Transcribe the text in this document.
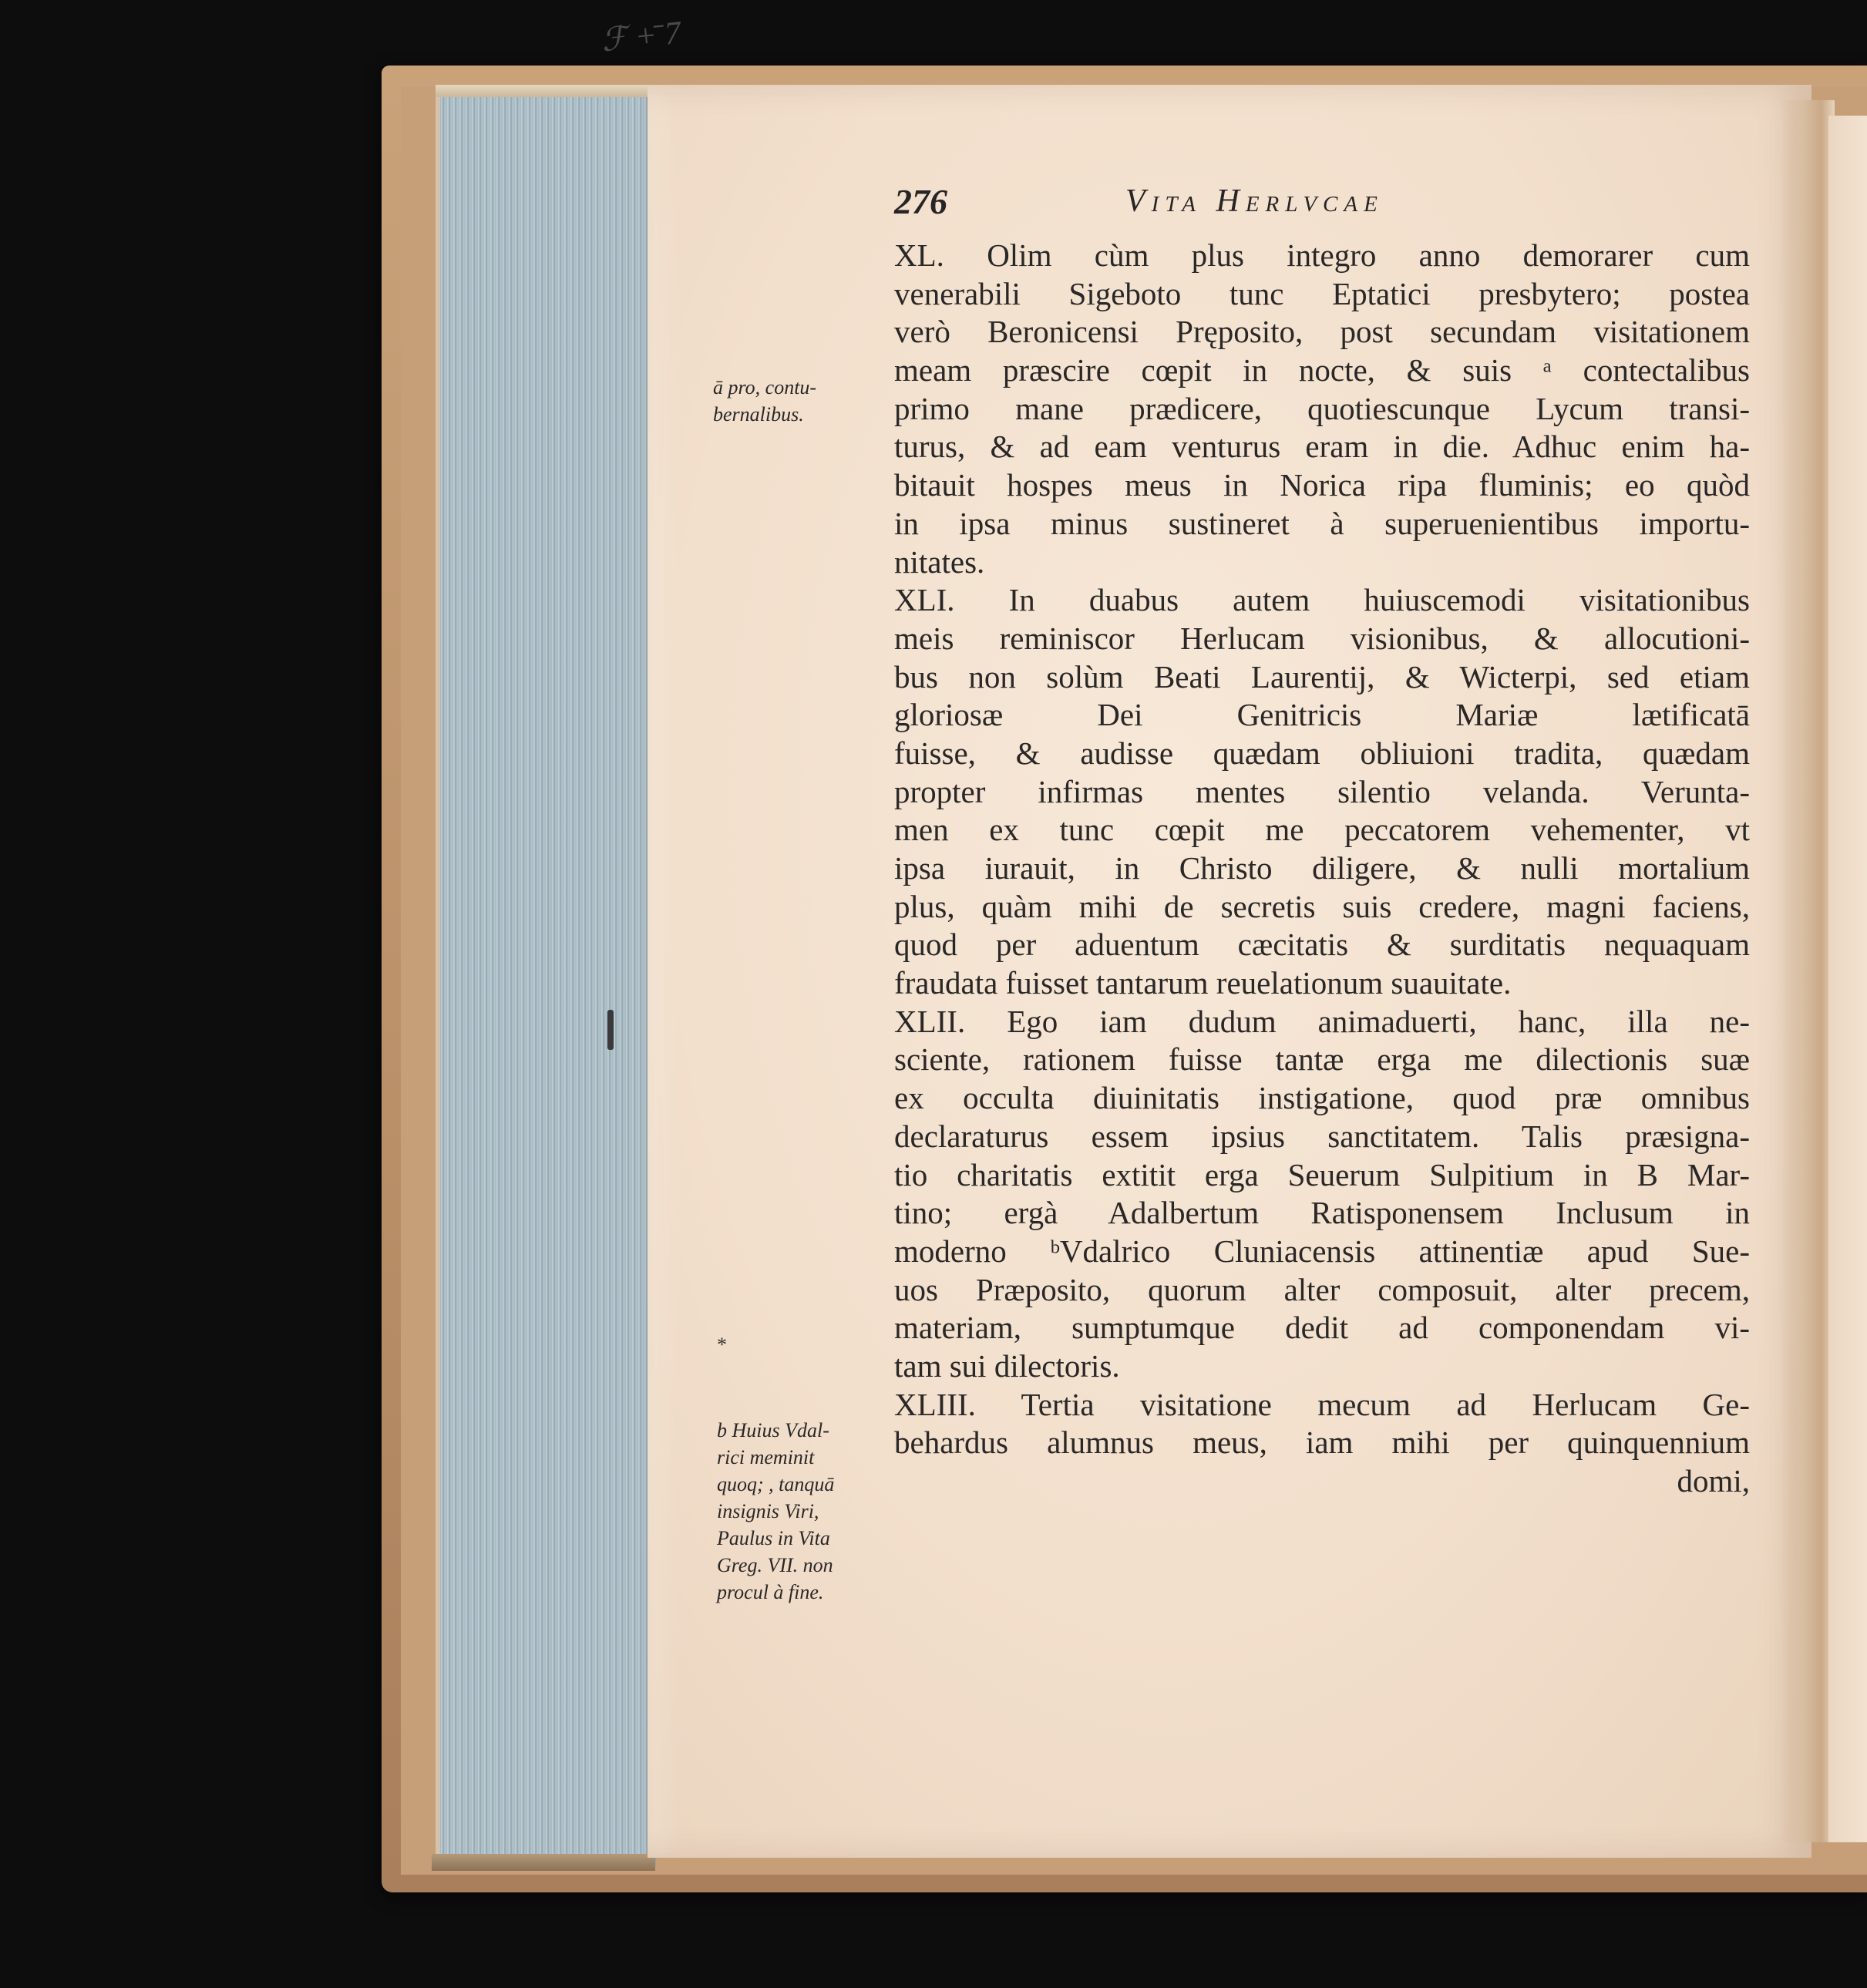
ℱ +̄ 7
276	Vita Herlvcae
XL. Olim cùm plus integro anno demorarer cum
venerabili Sigeboto tunc Eptatici presbytero; postea
verò Beronicensi Pręposito, post secundam visitationem
meam præscire cœpit in nocte, & suis ᵃ contectalibus
primo mane prædicere, quotiescunque Lycum transi-
turus, & ad eam venturus eram in die. Adhuc enim ha-
bitauit hospes meus in Norica ripa fluminis; eo quòd
in ipsa minus sustineret à superuenientibus importu-
nitates.
XLI. In duabus autem huiuscemodi visitationibus
meis reminiscor Herlucam visionibus, & allocutioni-
bus non solùm Beati Laurentij, & Wicterpi, sed etiam
gloriosæ Dei Genitricis Mariæ lætificatā
fuisse, & audisse quædam obliuioni tradita, quædam
propter infirmas mentes silentio velanda. Veruntа-
men ex tunc cœpit me peccatorem vehementer, vt
ipsa iurauit, in Christo diligere, & nulli mortalium
plus, quàm mihi de secretis suis credere, magni faciens,
quod per aduentum cæcitatis & surditatis nequaquam
fraudata fuisset tantarum reuelationum suauitate.
XLII. Ego iam dudum animaduerti, hanc, illa ne-
sciente, rationem fuisse tantæ erga me dilectionis suæ
ex occulta diuinitatis instigatione, quod præ omnibus
declaraturus essem ipsius sanctitatem. Talis præsigna-
tio charitatis extitit erga Seuerum Sulpitium in B Mar-
tino; ergà Adalbertum Ratisponensem Inclusum in
moderno ᵇVdalrico Cluniacensis attinentiæ apud Sue-
uos Præposito, quorum alter composuit, alter precem,
materiam, sumptumque dedit ad componendam vi-
tam sui dilectoris.
XLIII. Tertia visitatione mecum ad Herlucam Ge-
behardus alumnus meus, iam mihi per quinquennium
domi,
ā pro, contu-
bernalibus.
*
b Huius Vdal-
rici meminit
quoq; , tanquā
insignis Viri,
Paulus in Vita
Greg. VII. non
procul à fine.
